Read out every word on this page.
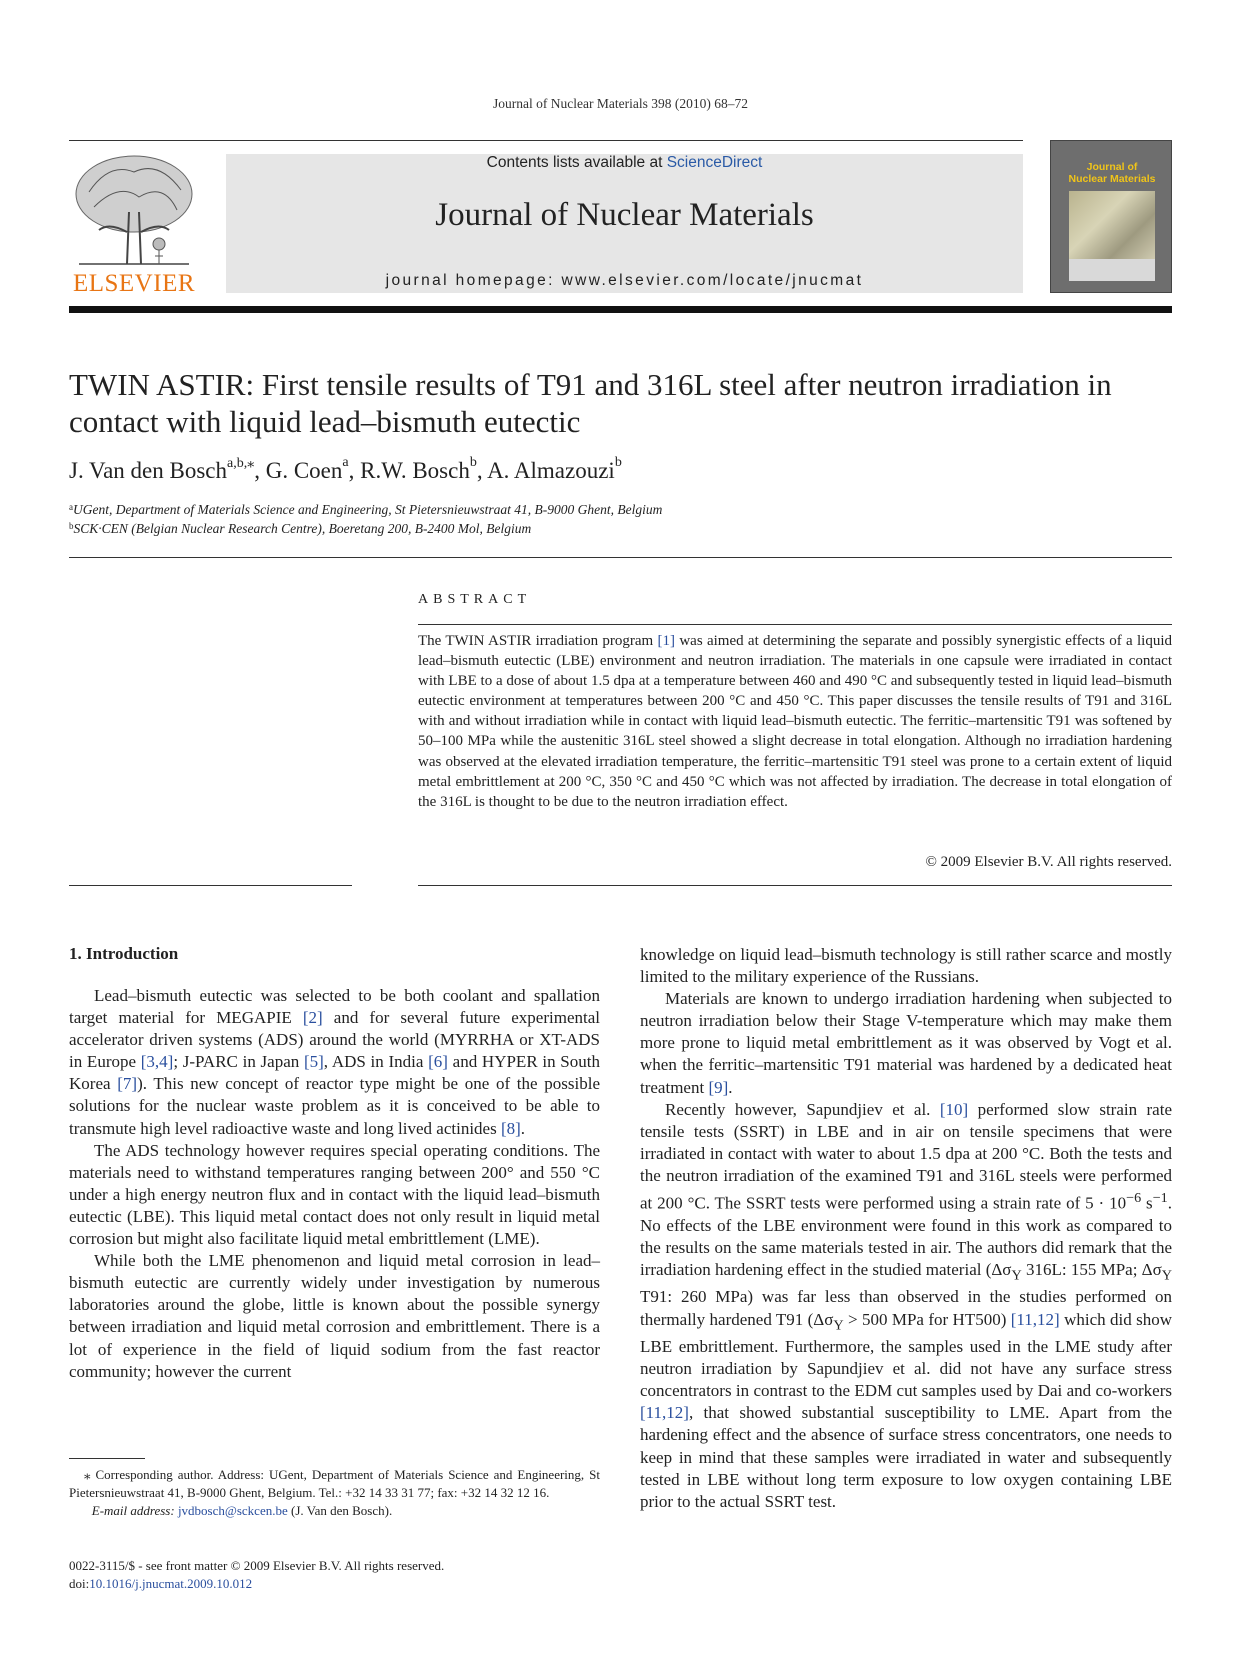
Journal of Nuclear Materials 398 (2010) 68–72
ELSEVIER
Contents lists available at ScienceDirect
Journal of Nuclear Materials
journal homepage: www.elsevier.com/locate/jnucmat
Journal of
Nuclear Materials
TWIN ASTIR: First tensile results of T91 and 316L steel after neutron irradiation in contact with liquid lead–bismuth eutectic
J. Van den Bosch$^{a,b,⁎}$, G. Coen$^a$, R.W. Bosch$^b$, A. Almazouzi$^b$
$^a$UGent, Department of Materials Science and Engineering, St Pietersnieuwstraat 41, B-9000 Ghent, Belgium
$^b$SCK·CEN (Belgian Nuclear Research Centre), Boeretang 200, B-2400 Mol, Belgium
ABSTRACT
The TWIN ASTIR irradiation program [1] was aimed at determining the separate and possibly synergistic effects of a liquid lead–bismuth eutectic (LBE) environment and neutron irradiation. The materials in one capsule were irradiated in contact with LBE to a dose of about 1.5 dpa at a temperature between 460 and 490 °C and subsequently tested in liquid lead–bismuth eutectic environment at temperatures between 200 °C and 450 °C. This paper discusses the tensile results of T91 and 316L with and without irradiation while in contact with liquid lead–bismuth eutectic. The ferritic–martensitic T91 was softened by 50–100 MPa while the austenitic 316L steel showed a slight decrease in total elongation. Although no irradiation hardening was observed at the elevated irradiation temperature, the ferritic–martensitic T91 steel was prone to a certain extent of liquid metal embrittlement at 200 °C, 350 °C and 450 °C which was not affected by irradiation. The decrease in total elongation of the 316L is thought to be due to the neutron irradiation effect.
© 2009 Elsevier B.V. All rights reserved.
1. Introduction

Lead–bismuth eutectic was selected to be both coolant and spallation target material for MEGAPIE [2] and for several future experimental accelerator driven systems (ADS) around the world (MYRRHA or XT-ADS in Europe [3,4]; J-PARC in Japan [5], ADS in India [6] and HYPER in South Korea [7]). This new concept of reactor type might be one of the possible solutions for the nuclear waste problem as it is conceived to be able to transmute high level radioactive waste and long lived actinides [8].

The ADS technology however requires special operating conditions. The materials need to withstand temperatures ranging between 200° and 550 °C under a high energy neutron flux and in contact with the liquid lead–bismuth eutectic (LBE). This liquid metal contact does not only result in liquid metal corrosion but might also facilitate liquid metal embrittlement (LME).

While both the LME phenomenon and liquid metal corrosion in lead–bismuth eutectic are currently widely under investigation by numerous laboratories around the globe, little is known about the possible synergy between irradiation and liquid metal corrosion and embrittlement. There is a lot of experience in the field of liquid sodium from the fast reactor community; however the current

knowledge on liquid lead–bismuth technology is still rather scarce and mostly limited to the military experience of the Russians.

Materials are known to undergo irradiation hardening when subjected to neutron irradiation below their Stage V-temperature which may make them more prone to liquid metal embrittlement as it was observed by Vogt et al. when the ferritic–martensitic T91 material was hardened by a dedicated heat treatment [9].

Recently however, Sapundjiev et al. [10] performed slow strain rate tensile tests (SSRT) in LBE and in air on tensile specimens that were irradiated in contact with water to about 1.5 dpa at 200 °C. Both the tests and the neutron irradiation of the examined T91 and 316L steels were performed at 200 °C. The SSRT tests were performed using a strain rate of $5 \cdot 10^{-6}$ $s^{-1}$. No effects of the LBE environment were found in this work as compared to the results on the same materials tested in air. The authors did remark that the irradiation hardening effect in the studied material ($\Delta\sigma_Y$ 316L: 155 MPa; $\Delta\sigma_Y$ T91: 260 MPa) was far less than observed in the studies performed on thermally hardened T91 ($\Delta\sigma_Y > 500$ MPa for HT500) [11,12] which did show LBE embrittlement. Furthermore, the samples used in the LME study after neutron irradiation by Sapundjiev et al. did not have any surface stress concentrators in contrast to the EDM cut samples used by Dai and co-workers [11,12], that showed substantial susceptibility to LME. Apart from the hardening effect and the absence of surface stress concentrators, one needs to keep in mind that these samples were irradiated in water and subsequently tested in LBE without long term exposure to low oxygen containing LBE prior to the actual SSRT test.

⁎ Corresponding author. Address: UGent, Department of Materials Science and Engineering, St Pietersnieuwstraat 41, B-9000 Ghent, Belgium. Tel.: +32 14 33 31 77; fax: +32 14 32 12 16.
E-mail address: jvdbosch@sckcen.be (J. Van den Bosch).
0022-3115/$ - see front matter © 2009 Elsevier B.V. All rights reserved.
doi:10.1016/j.jnucmat.2009.10.012
